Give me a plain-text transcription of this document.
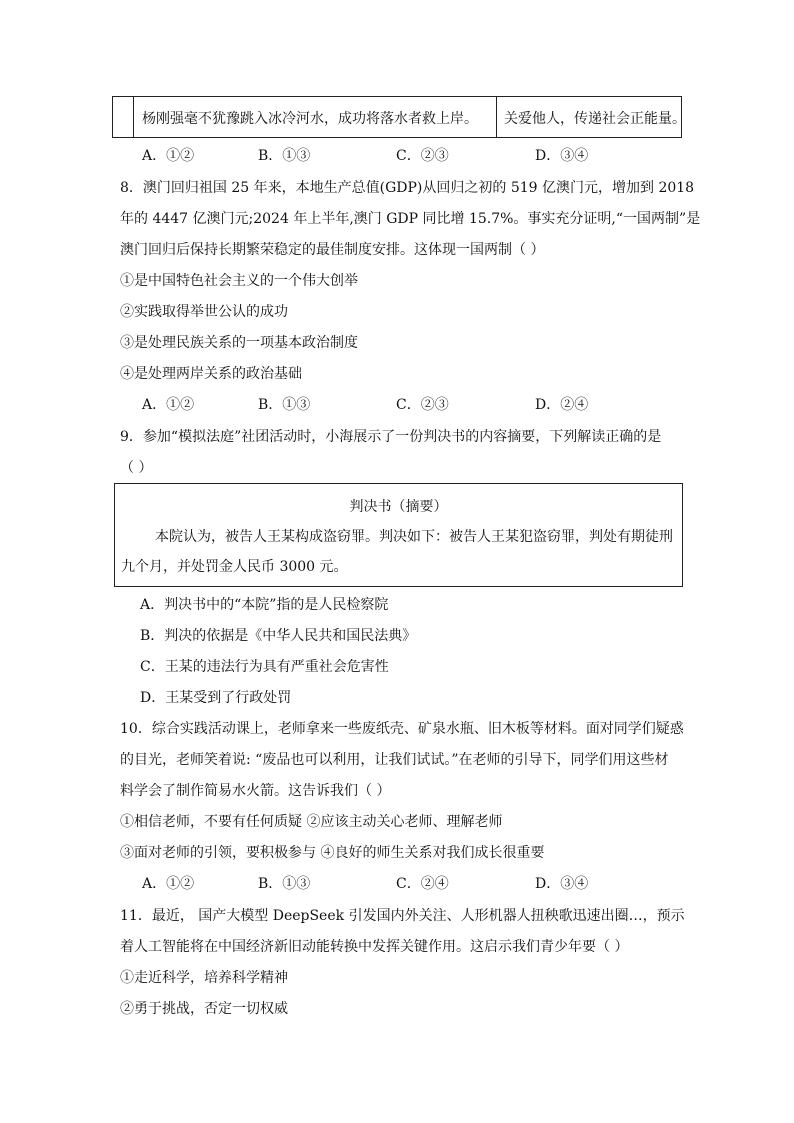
杨刚强毫不犹豫跳入冰冷河水，成功将落水者救上岸。 关爱他人，传递社会正能量。
A．①②	B．①③	C．②③	D．③④
8．澳门回归祖国 25 年来，本地生产总值(GDP)从回归之初的 519 亿澳门元，增加到 2018
年的 4447 亿澳门元;2024 年上半年,澳门 GDP 同比增 15.7%。事实充分证明,“一国两制”是
澳门回归后保持长期繁荣稳定的最佳制度安排。这体现一国两制（ ）
①是中国特色社会主义的一个伟大创举
②实践取得举世公认的成功
③是处理民族关系的一项基本政治制度
④是处理两岸关系的政治基础
A．①②	B．①③	C．②③	D．②④
9．参加“模拟法庭”社团活动时，小海展示了一份判决书的内容摘要，下列解读正确的是
（ ）
判决书（摘要）
本院认为，被告人王某构成盗窃罪。判决如下：被告人王某犯盗窃罪，判处有期徒刑
九个月，并处罚金人民币 3000 元。
A．判决书中的“本院”指的是人民检察院
B．判决的依据是《中华人民共和国民法典》
C．王某的违法行为具有严重社会危害性
D．王某受到了行政处罚
10．综合实践活动课上，老师拿来一些废纸壳、矿泉水瓶、旧木板等材料。面对同学们疑惑
的目光，老师笑着说: “废品也可以利用，让我们试试。”在老师的引导下，同学们用这些材
料学会了制作简易水火箭。这告诉我们（ ）
①相信老师，不要有任何质疑 ②应该主动关心老师、理解老师
③面对老师的引领，要积极参与 ④良好的师生关系对我们成长很重要
A．①②	B．①③	C．②④	D．③④
11．最近， 国产大模型 DeepSeek 引发国内外关注、人形机器人扭秧歌迅速出圈…，预示
着人工智能将在中国经济新旧动能转换中发挥关键作用。这启示我们青少年要（ ）
①走近科学，培养科学精神
②勇于挑战，否定一切权威
